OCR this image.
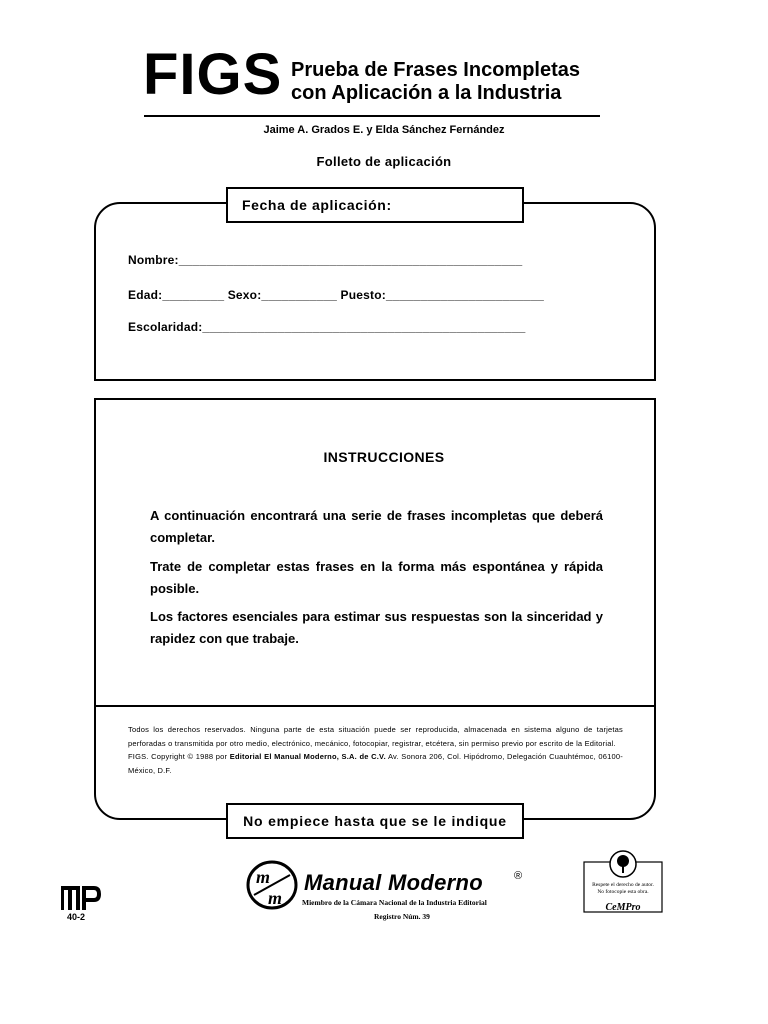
FIGS Prueba de Frases Incompletas
con Aplicación a la Industria
Jaime A. Grados E. y Elda Sánchez Fernández
Folleto de aplicación
Fecha de aplicación:
Nombre:__________________________________________________
Edad:_________ Sexo:___________ Puesto:_______________________
Escolaridad:_______________________________________________
INSTRUCCIONES
A continuación encontrará una serie de frases incompletas que deberá completar.
Trate de completar estas frases en la forma más espontánea y rápida posible.
Los factores esenciales para estimar sus respuestas son la sinceridad y rapidez con que trabaje.
Todos los derechos reservados. Ninguna parte de esta situación puede ser reproducida, almacenada en sistema alguno de tarjetas perforadas o transmitida por otro medio, electrónico, mecánico, fotocopiar, registrar, etcétera, sin permiso previo por escrito de la Editorial.
FIGS. Copyright © 1988 por Editorial El Manual Moderno, S.A. de C.V. Av. Sonora 206, Col. Hipódromo, Delegación Cuauhtémoc, 06100- México, D.F.
No empiece hasta que se le indique
m
m
Manual Moderno	®
Miembro de la Cámara Nacional de la Industria Editorial
Registro Núm. 39
40-2
Respete el derecho de autor.
No fotocopie esta obra.
CeMPro
